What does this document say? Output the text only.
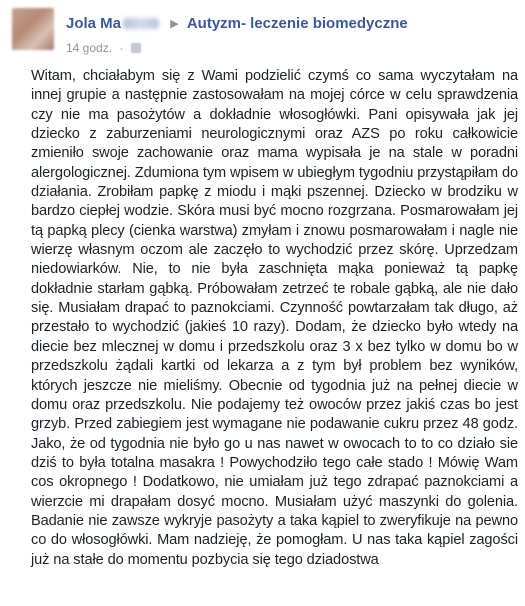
Jola Ma	▶ Autyzm- leczenie biomedyczne
14 godz. ·

Witam, chciałabym się z Wami podzielić czymś co sama wyczytałam na innej grupie a następnie zastosowałam na mojej córce w celu sprawdzenia czy nie ma pasożytów a dokładnie włosogłówki. Pani opisywała jak jej dziecko z zaburzeniami neurologicznymi oraz AZS po roku całkowicie zmieniło swoje zachowanie oraz mama wypisała je na stale w poradni alergologicznej. Zdumiona tym wpisem w ubiegłym tygodniu przystąpiłam do działania. Zrobiłam papkę z miodu i mąki pszennej. Dziecko w brodziku w bardzo ciepłej wodzie. Skóra musi być mocno rozgrzana. Posmarowałam jej tą papką plecy (cienka warstwa) zmyłam i znowu posmarowałam i nagle nie wierzę własnym oczom ale zaczęło to wychodzić przez skórę. Uprzedzam niedowiarków. Nie, to nie była zaschnięta mąka ponieważ tą papkę dokładnie starłam gąbką. Próbowałam zetrzeć te robale gąbką, ale nie dało się. Musiałam drapać to paznokciami. Czynność powtarzałam tak długo, aż przestało to wychodzić (jakieś 10 razy). Dodam, że dziecko było wtedy na diecie bez mlecznej w domu i przedszkolu oraz 3 x bez tylko w domu bo w przedszkolu żądali kartki od lekarza a z tym był problem bez wyników, których jeszcze nie mieliśmy. Obecnie od tygodnia już na pełnej diecie w domu oraz przedszkolu. Nie podajemy też owoców przez jakiś czas bo jest grzyb. Przed zabiegiem jest wymagane nie podawanie cukru przez 48 godz. Jako, że od tygodnia nie było go u nas nawet w owocach to to co działo sie dziś to była totalna masakra ! Powychodziło tego całe stado ! Mówię Wam cos okropnego ! Dodatkowo, nie umiałam już tego zdrapać paznokciami a wierzcie mi drapałam dosyć mocno. Musiałam użyć maszynki do golenia. Badanie nie zawsze wykryje pasożyty a taka kąpiel to zweryfikuje na pewno co do włosogłówki. Mam nadzieję, że pomogłam. U nas taka kąpiel zagości już na stałe do momentu pozbycia się tego dziadostwa
